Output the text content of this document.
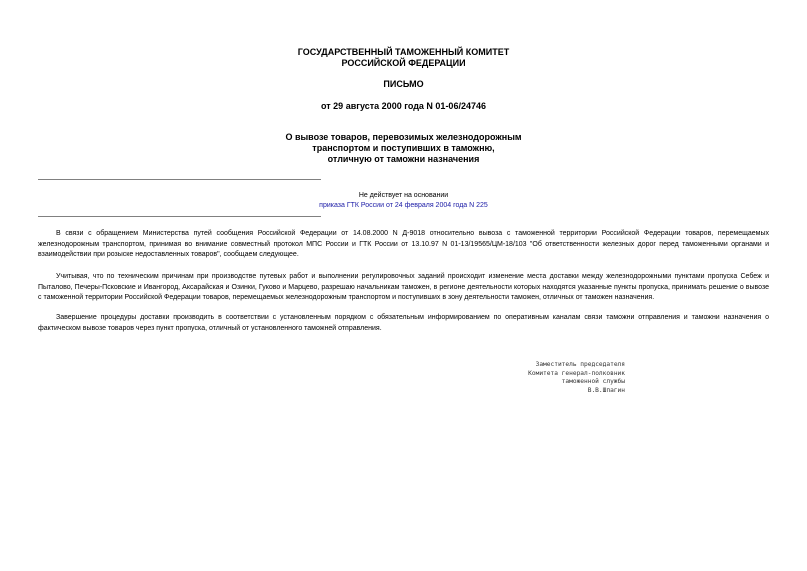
ГОСУДАРСТВЕННЫЙ ТАМОЖЕННЫЙ КОМИТЕТ
РОССИЙСКОЙ ФЕДЕРАЦИИ
ПИСЬМО
от 29 августа 2000 года N 01-06/24746
О вывозе товаров, перевозимых железнодорожным
транспортом и поступивших в таможню,
отличную от таможни назначения
Не действует на основании
приказа ГТК России от 24 февраля 2004 года N 225

В связи с обращением Министерства путей сообщения Российской Федерации от 14.08.2000 N Д-9018 относительно вывоза с таможенной территории Российской Федерации товаров, перемещаемых железнодорожным транспортом, принимая во внимание совместный протокол МПС России и ГТК России от 13.10.97 N 01-13/19565/ЦМ-18/103 "Об ответственности железных дорог перед таможенными органами и взаимодействии при розыске недоставленных товаров", сообщаем следующее.

Учитывая, что по техническим причинам при производстве путевых работ и выполнении регулировочных заданий происходит изменение места доставки между железнодорожными пунктами пропуска Себеж и Пыталово, Печеры-Псковские и Ивангород, Аксарайская и Озинки, Гуково и Марцево, разрешаю начальникам таможен, в регионе деятельности которых находятся указанные пункты пропуска, принимать решение о вывозе с таможенной территории Российской Федерации товаров, перемещаемых железнодорожным транспортом и поступивших в зону деятельности таможен, отличных от таможен назначения.

Завершение процедуры доставки производить в соответствии с установленным порядком с обязательным информированием по оперативным каналам связи таможни отправления и таможни назначения о фактическом вывозе товаров через пункт пропуска, отличный от установленного таможней отправления.

Заместитель председателя
Комитета генерал-полковник
таможенной службы
В.В.Шпагин
